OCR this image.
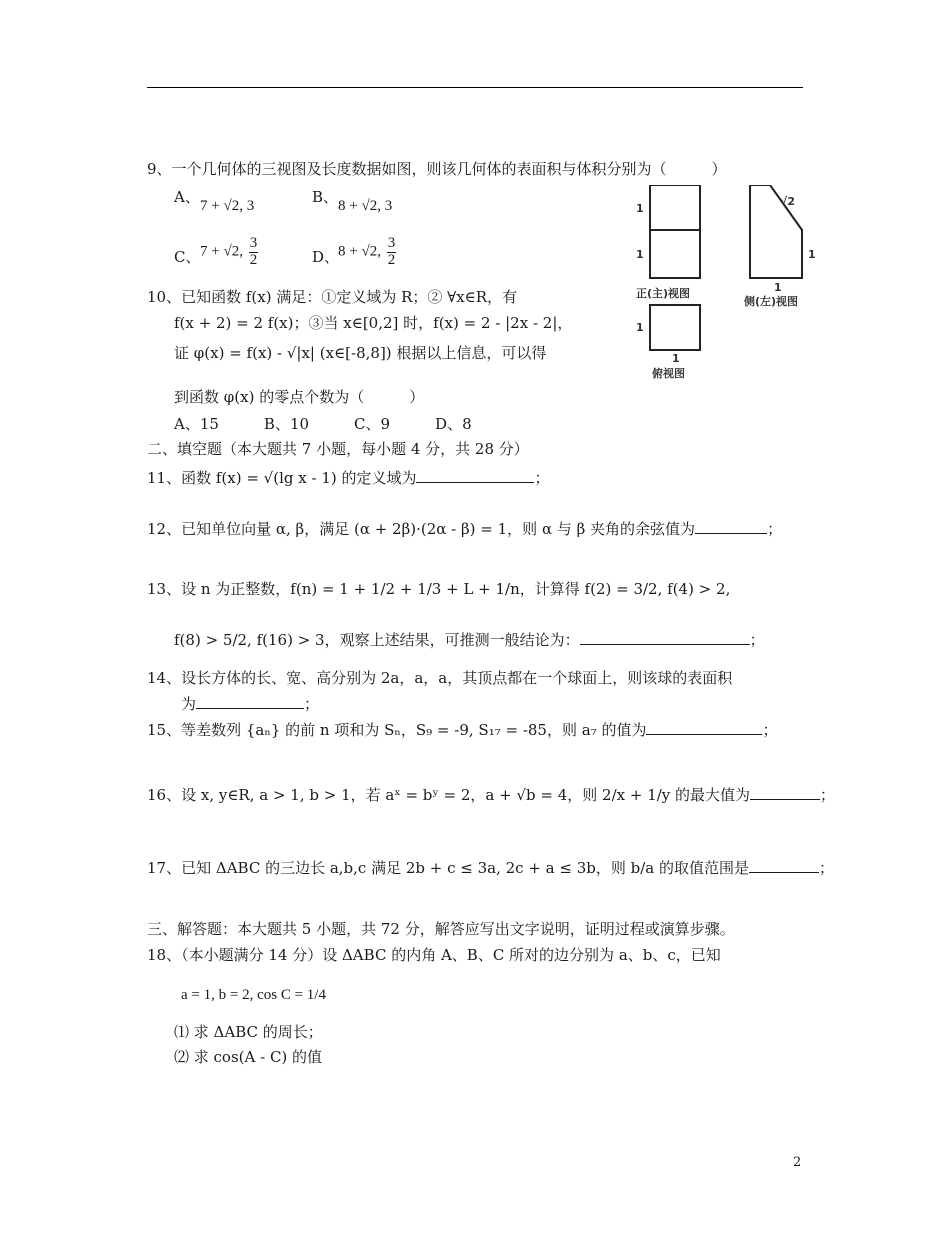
9、一个几何体的三视图及长度数据如图，则该几何体的表面积与体积分别为（　　　）
A、 7 + √2, 3	B、 8 + √2, 3
C、 7 + √2, $\frac{3}{2}$	D、
8 + √2, $\frac{3}{2}$
1
1
正(主)视图
√2
1
1
侧(左)视图
1
1
俯视图
10、已知函数 f(x) 满足：①定义域为 R；② ∀x∈R，有
f(x + 2) = 2 f(x)；③当 x∈[0,2] 时，f(x) = 2 - |2x - 2|，
证 φ(x) = f(x) - √|x| (x∈[-8,8]) 根据以上信息，可以得
到函数 φ(x) 的零点个数为（　　　）
A、15　　　B、10　　　C、9　　　D、8
二、填空题（本大题共 7 小题，每小题 4 分，共 28 分）
11、函数 f(x) = √(lg x - 1) 的定义域为	；
12、已知单位向量 α, β，满足 (α + 2β)·(2α - β) = 1，则 α 与 β 夹角的余弦值为	；
13、设 n 为正整数，f(n) = 1 + 1/2 + 1/3 + L + 1/n，计算得 f(2) = 3/2, f(4) > 2,
f(8) > 5/2, f(16) > 3，观察上述结果，可推测一般结论为：	；
14、设长方体的长、宽、高分别为 2a，a，a，其顶点都在一个球面上，则该球的表面积
为	；
15、等差数列 {aₙ} 的前 n 项和为 Sₙ，S₉ = -9, S₁₇ = -85，则 a₇ 的值为	；
16、设 x, y∈R, a > 1, b > 1，若 aˣ = bʸ = 2，a + √b = 4，则 2/x + 1/y 的最大值为	；
17、已知 ΔABC 的三边长 a,b,c 满足 2b + c ≤ 3a, 2c + a ≤ 3b，则 b/a 的取值范围是	；
三、解答题：本大题共 5 小题，共 72 分，解答应写出文字说明，证明过程或演算步骤。
18、（本小题满分 14 分）设 ΔABC 的内角 A、B、C 所对的边分别为 a、b、c，已知
a = 1, b = 2, cos C = 1/4
⑴ 求 ΔABC 的周长；
⑵ 求 cos(A - C) 的值
2
